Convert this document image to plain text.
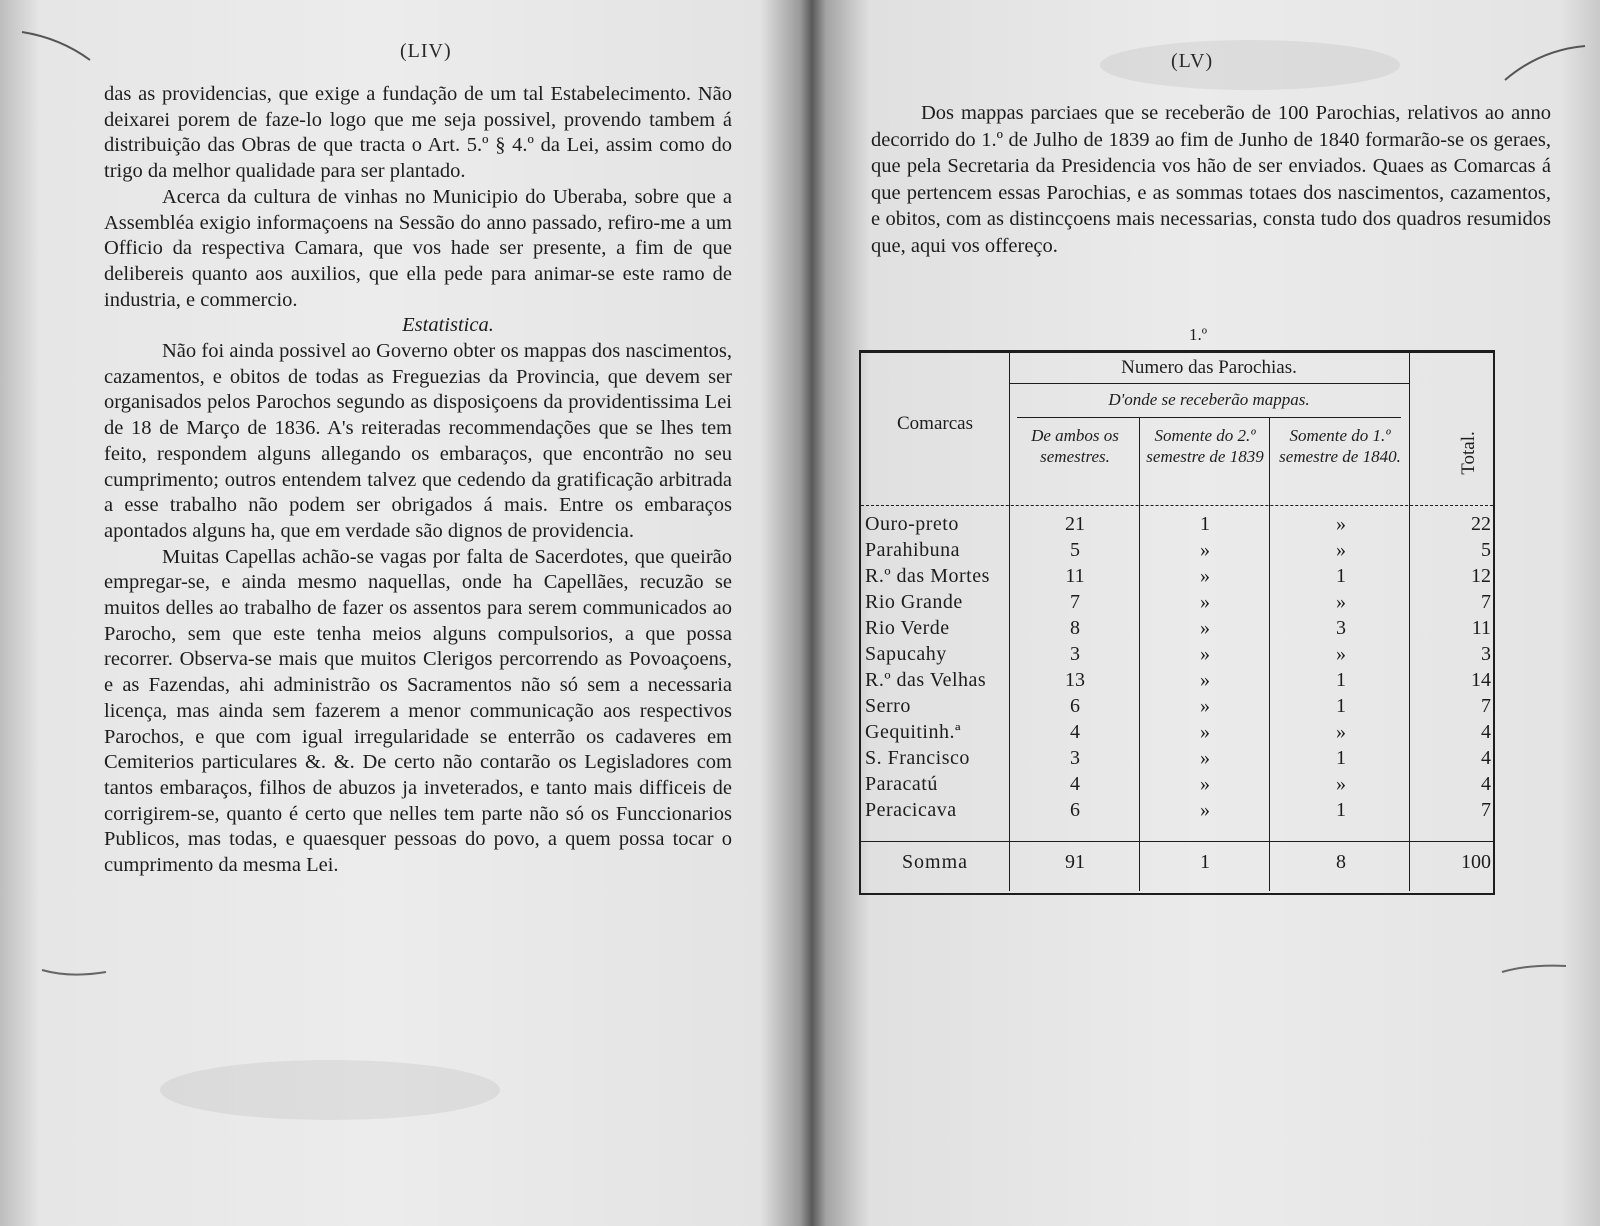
(LIV)

das as providencias, que exige a fundação de um tal Estabelecimento. Não deixarei porem de faze-lo logo que me seja possivel, provendo tambem á distribuição das Obras de que tracta o Art. 5.º § 4.º da Lei, assim como do trigo da melhor qualidade para ser plantado.

Acerca da cultura de vinhas no Municipio do Uberaba, sobre que a Assembléa exigio informaçoens na Sessão do anno passado, refiro-me a um Officio da respectiva Camara, que vos hade ser presente, a fim de que delibereis quanto aos auxilios, que ella pede para animar-se este ramo de industria, e commercio.

Estatistica.

Não foi ainda possivel ao Governo obter os mappas dos nascimentos, cazamentos, e obitos de todas as Freguezias da Provincia, que devem ser organisados pelos Parochos segundo as disposiçoens da providentissima Lei de 18 de Março de 1836. A's reiteradas recommendações que se lhes tem feito, respondem alguns allegando os embaraços, que encontrão no seu cumprimento; outros entendem talvez que cedendo da gratificação arbitrada a esse trabalho não podem ser obrigados á mais. Entre os embaraços apontados alguns ha, que em verdade são dignos de providencia.

Muitas Capellas achão-se vagas por falta de Sacerdotes, que queirão empregar-se, e ainda mesmo naquellas, onde ha Capellães, recuzão se muitos delles ao trabalho de fazer os assentos para serem communicados ao Parocho, sem que este tenha meios alguns compulsorios, a que possa recorrer. Observa-se mais que muitos Clerigos percorrendo as Povoaçoens, e as Fazendas, ahi administrão os Sacramentos não só sem a necessaria licença, mas ainda sem fazerem a menor communicação aos respectivos Parochos, e que com igual irregularidade se enterrão os cadaveres em Cemiterios particulares &. &. De certo não contarão os Legisladores com tantos embaraços, filhos de abuzos ja inveterados, e tanto mais difficeis de corrigirem-se, quanto é certo que nelles tem parte não só os Funccionarios Publicos, mas todas, e quaesquer pessoas do povo, a quem possa tocar o cumprimento da mesma Lei.

(LV)

Dos mappas parciaes que se receberão de 100 Parochias, relativos ao anno decorrido do 1.º de Julho de 1839 ao fim de Junho de 1840 formarão-se os geraes, que pela Secretaria da Presidencia vos hão de ser enviados. Quaes as Comarcas á que pertencem essas Parochias, e as sommas totaes dos nascimentos, cazamentos, e obitos, com as distincçoens mais necessarias, consta tudo dos quadros resumidos que, aqui vos offereço.

1.º
Comarcas
Numero das Parochias.
D'onde se receberão mappas.
De ambos os semestres.
Somente do 2.º semestre de 1839
Somente do 1.º semestre de 1840.	Total.
Ouro-preto	21	1	»	22
Parahibuna	5	»	»	5
R.º das Mortes	11	»	1	12
Rio Grande	7	»	»	7
Rio Verde	8	»	3	11
Sapucahy	3	»	»	3
R.º das Velhas	13	»	1	14
Serro	6	»	1	7
Gequitinh.ª	4	»	»	4
S. Francisco	3	»	1	4
Paracatú	4	»	»	4
Peracicava	6	»	1	7
Somma	91	1	8	100
